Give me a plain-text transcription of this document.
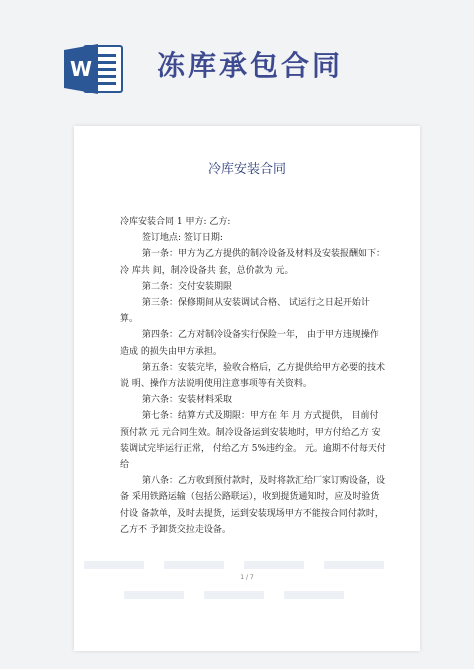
W 冻库承包合同
冷库安装合同

冷库安装合同 1 甲方: 乙方:

签订地点: 签订日期:

第一条：甲方为乙方提供的制冷设备及材料及安装报酬如下：冷 库共 间，制冷设备共 套，总价款为 元。

第二条：交付安装期限

第三条：保修期间从安装调试合格、 试运行之日起开始计算。

第四条：乙方对制冷设备实行保险一年， 由于甲方违规操作造成 的损失由甲方承担。

第五条：安装完毕，验收合格后，乙方提供给甲方必要的技术说 明、操作方法说明使用注意事项等有关资料。

第六条：安装材料采取

第七条：结算方式及期限：甲方在 年 月 方式提供， 目前付预付款 元 元合同生效。制冷设备运到安装地时，甲方付给乙方 安装调试完毕运行正常， 付给乙方 5%违约金。 元。逾期不付每天付给

第八条：乙方收到预付款时，及时将款汇给厂家订购设备，设备 采用铁路运输（包括公路联运），收到提货通知时，应及时验货付设 备款单，及时去提货，运到安装现场甲方不能按合同付款时，乙方不 予卸货交拉走设备。

1 / 7
